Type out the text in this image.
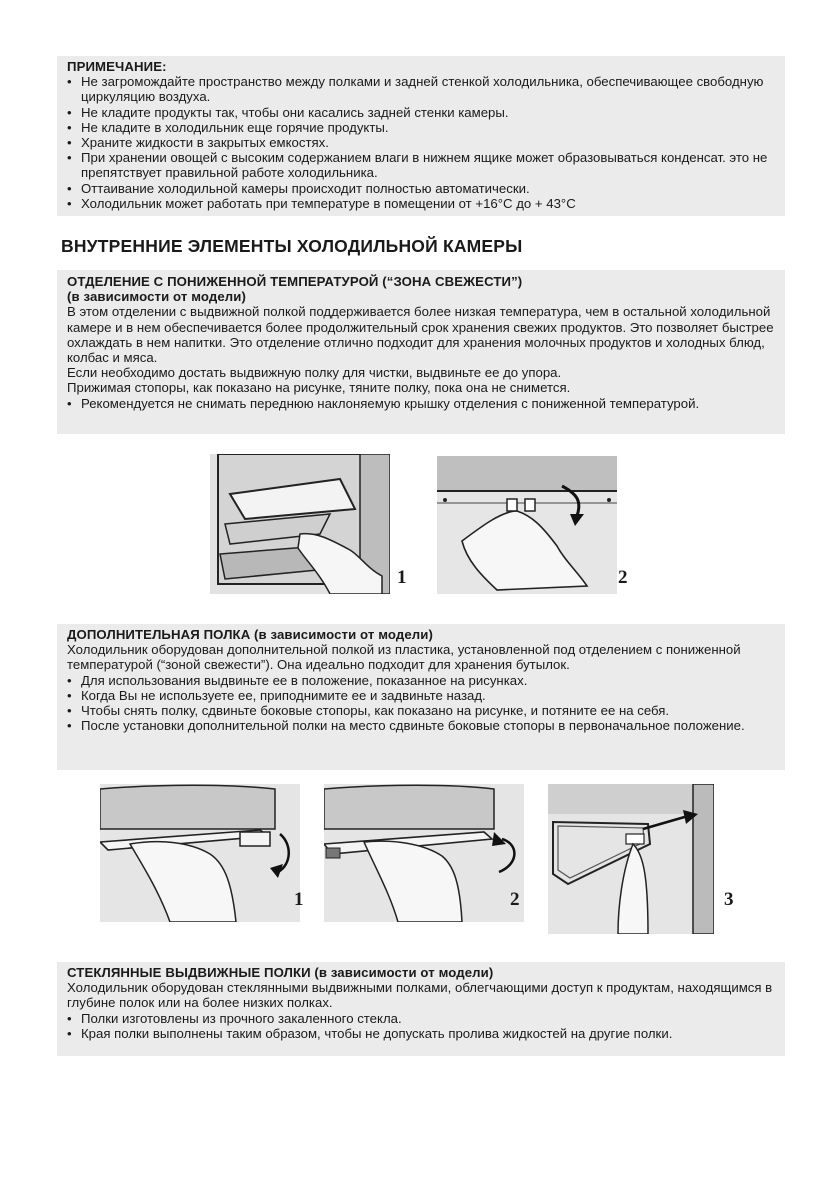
ПРИМЕЧАНИЕ:

• Не загромождайте пространство между полками и задней стенкой холодильника, обеспечивающее свободную циркуляцию воздуха.
• Не кладите продукты так, чтобы они касались задней стенки камеры.
• Не кладите в холодильник еще горячие продукты.
• Храните жидкости в закрытых емкостях.
• При хранении овощей с высоким содержанием влаги в нижнем ящике может образовываться конденсат. это не препятствует правильной работе холодильника.
• Оттаивание холодильной камеры происходит полностью автоматически.
• Холодильник может работать при температуре в помещении от +16°C до + 43°C
ВНУТРЕННИЕ ЭЛЕМЕНТЫ ХОЛОДИЛЬНОЙ КАМЕРЫ

ОТДЕЛЕНИЕ С ПОНИЖЕННОЙ ТЕМПЕРАТУРОЙ (“ЗОНА СВЕЖЕСТИ”)

(в зависимости от модели)

В этом отделении с выдвижной полкой поддерживается более низкая температура, чем в остальной холодильной камере и в нем обеспечивается более продолжительный срок хранения свежих продуктов. Это позволяет быстрее охлаждать в нем напитки. Это отделение отлично подходит для хранения молочных продуктов и холодных блюд, колбас и мяса.

Если необходимо достать выдвижную полку для чистки, выдвиньте ее до упора.

Прижимая стопоры, как показано на рисунке, тяните полку, пока она не снимется.

• Рекомендуется не снимать переднюю наклоняемую крышку отделения с пониженной температурой.
1	2

ДОПОЛНИТЕЛЬНАЯ ПОЛКА (в зависимости от модели)

Холодильник оборудован дополнительной полкой из пластика, установленной под отделением с пониженной температурой (“зоной свежести”). Она идеально подходит для хранения бутылок.

• Для использования выдвиньте ее в положение, показанное на рисунках.
• Когда Вы не используете ее, приподнимите ее и задвиньте назад.
• Чтобы снять полку, сдвиньте боковые стопоры, как показано на рисунке, и потяните ее на себя.
• После установки дополнительной полки на место сдвиньте боковые стопоры в первоначальное положение.
1	2	3

СТЕКЛЯННЫЕ ВЫДВИЖНЫЕ ПОЛКИ (в зависимости от модели)

Холодильник оборудован стеклянными выдвижными полками, облегчающими доступ к продуктам, находящимся в глубине полок или на более низких полках.

• Полки изготовлены из прочного закаленного стекла.
• Края полки выполнены таким образом, чтобы не допускать пролива жидкостей на другие полки.
